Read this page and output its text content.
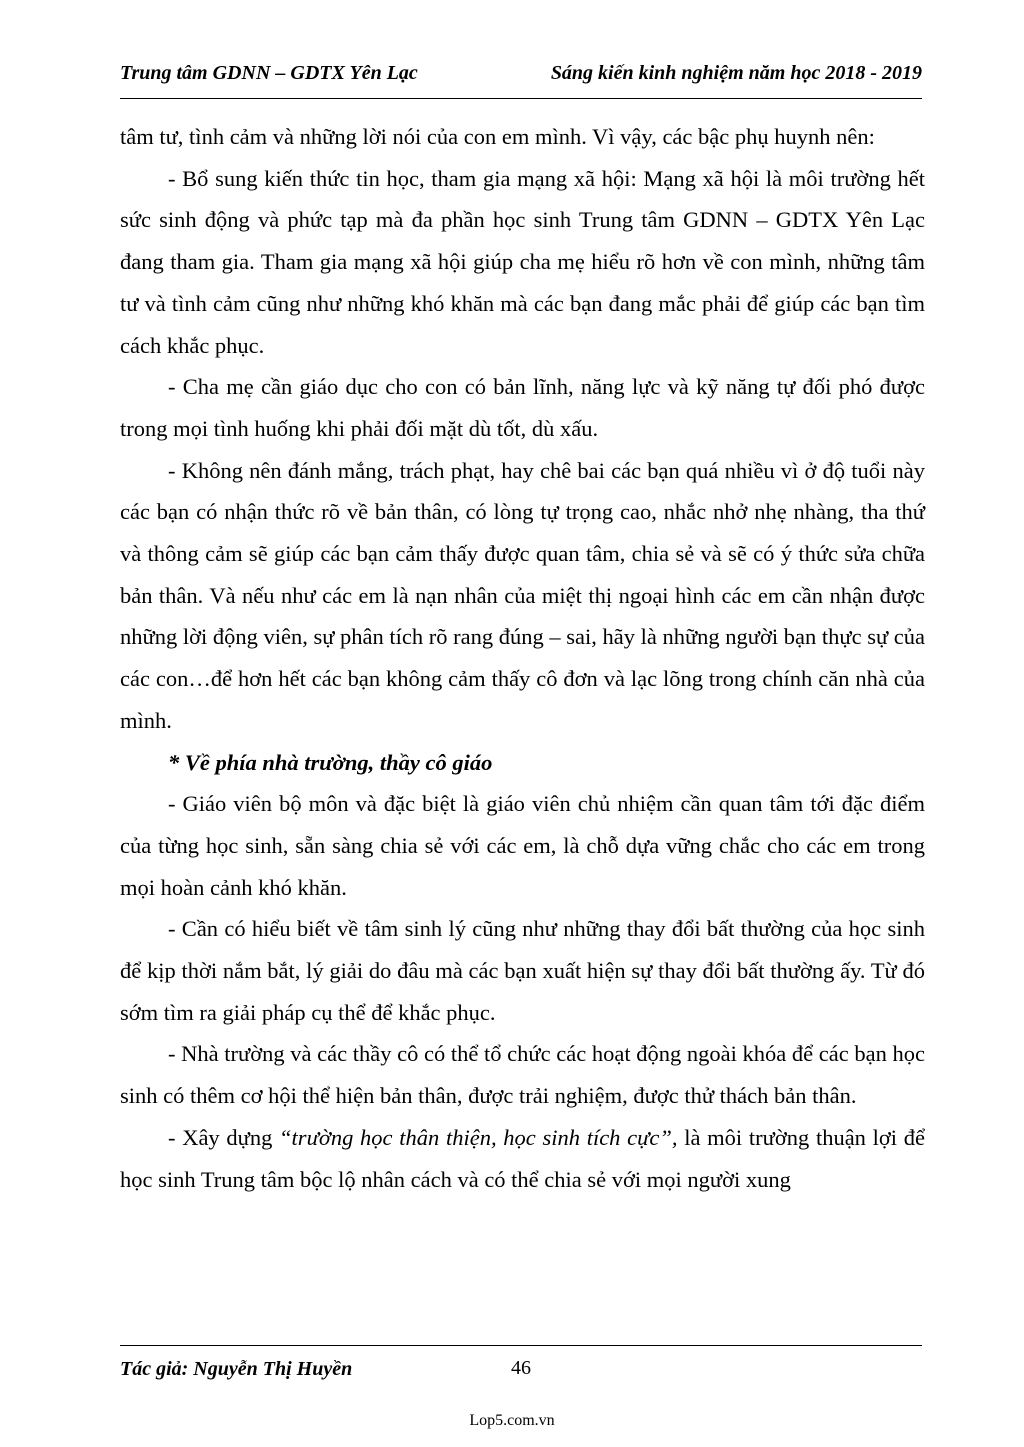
Trung tâm GDNN – GDTX Yên Lạc	Sáng kiến kinh nghiệm năm học 2018 - 2019

tâm tư, tình cảm và những lời nói của con em mình. Vì vậy, các bậc phụ huynh nên:

- Bổ sung kiến thức tin học, tham gia mạng xã hội: Mạng xã hội là môi trường hết sức sinh động và phức tạp mà đa phần học sinh Trung tâm GDNN – GDTX Yên Lạc đang tham gia. Tham gia mạng xã hội giúp cha mẹ hiểu rõ hơn về con mình, những tâm tư và tình cảm cũng như những khó khăn mà các bạn đang mắc phải để giúp các bạn tìm cách khắc phục.

- Cha mẹ cần giáo dục cho con có bản lĩnh, năng lực và kỹ năng tự đối phó được trong mọi tình huống khi phải đối mặt dù tốt, dù xấu.

- Không nên đánh mắng, trách phạt, hay chê bai các bạn quá nhiều vì ở độ tuổi này các bạn có nhận thức rõ về bản thân, có lòng tự trọng cao, nhắc nhở nhẹ nhàng, tha thứ và thông cảm sẽ giúp các bạn cảm thấy được quan tâm, chia sẻ và sẽ có ý thức sửa chữa bản thân. Và nếu như các em là nạn nhân của miệt thị ngoại hình các em cần nhận được những lời động viên, sự phân tích rõ rang đúng – sai, hãy là những người bạn thực sự của các con…để hơn hết các bạn không cảm thấy cô đơn và lạc lõng trong chính căn nhà của mình.

* Về phía nhà trường, thầy cô giáo

- Giáo viên bộ môn và đặc biệt là giáo viên chủ nhiệm cần quan tâm tới đặc điểm của từng học sinh, sẵn sàng chia sẻ với các em, là chỗ dựa vững chắc cho các em trong mọi hoàn cảnh khó khăn.

- Cần có hiểu biết về tâm sinh lý cũng như những thay đổi bất thường của học sinh để kịp thời nắm bắt, lý giải do đâu mà các bạn xuất hiện sự thay đổi bất thường ấy. Từ đó sớm tìm ra giải pháp cụ thể để khắc phục.

- Nhà trường và các thầy cô có thể tổ chức các hoạt động ngoài khóa để các bạn học sinh có thêm cơ hội thể hiện bản thân, được trải nghiệm, được thử thách bản thân.

- Xây dựng “trường học thân thiện, học sinh tích cực”, là môi trường thuận lợi để học sinh Trung tâm bộc lộ nhân cách và có thể chia sẻ với mọi người xung

Tác giả: Nguyễn Thị Huyền	46
Lop5.com.vn
